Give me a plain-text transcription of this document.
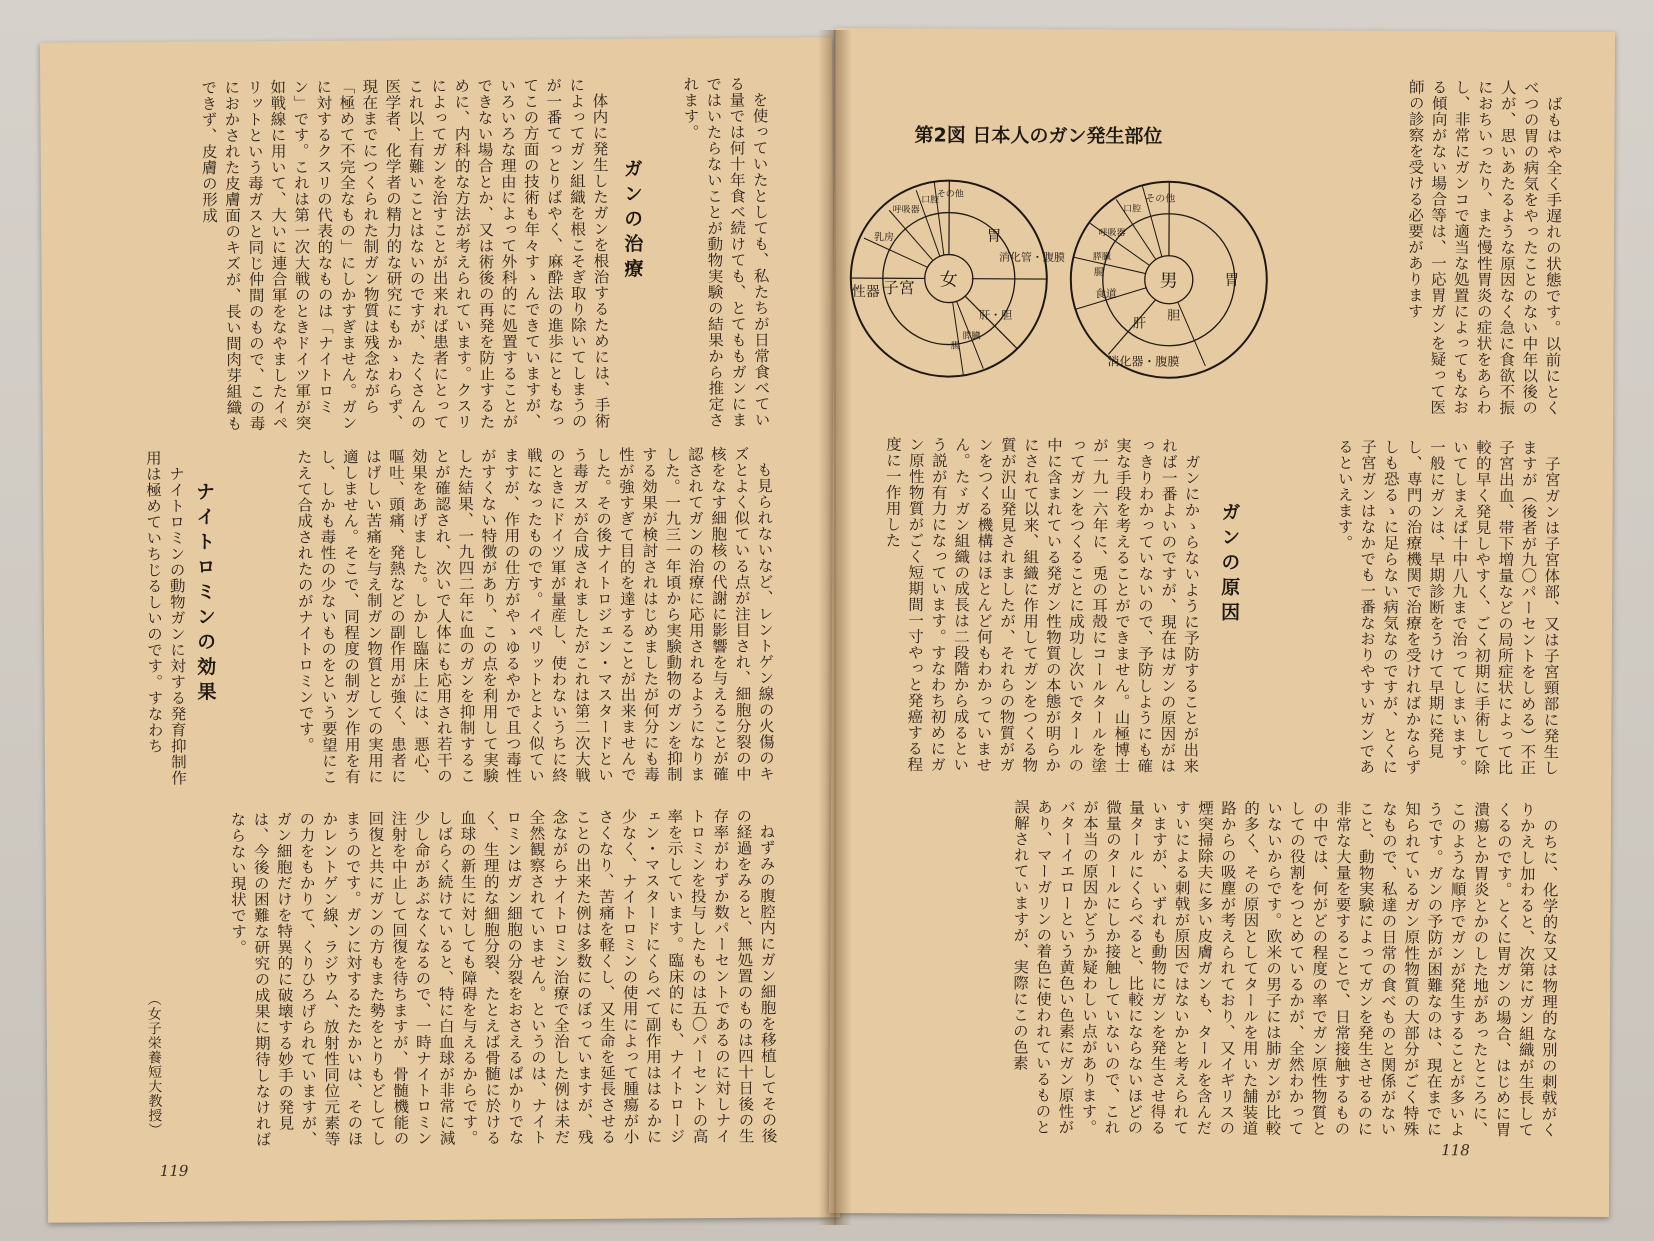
を使っていたとしても、私たちが日常食べている量では何十年食べ続けても、とてももガンにまではいたらないことが動物実験の結果から推定されます。

ガンの治療

体内に発生したガンを根治するためには、手術によってガン組織を根こそぎ取り除いてしまうのが一番てっとりばやく、麻酔法の進歩にともなってこの方面の技術も年々すゝんできていますが、いろいろな理由によって外科的に処置することができない場合とか、又は術後の再発を防止するために、内科的な方法が考えられています。クスリによってガンを治すことが出来れば患者にとってこれ以上有難いことはないのですが、たくさんの医学者、化学者の精力的な研究にもかゝわらず、現在までにつくられた制ガン物質は残念ながら「極めて不完全なもの」にしかすぎません。ガンに対するクスリの代表的なものは「ナイトロミン」です。これは第一次大戦のときドイツ軍が突如戦線に用いて、大いに連合軍をなやましたイペリットという毒ガスと同じ仲間のもので、この毒におかされた皮膚面のキズが、長い間肉芽組織もできず、皮膚の形成

も見られないなど、レントゲン線の火傷のキズとよく似ている点が注目され、細胞分裂の中核をなす細胞核の代謝に影響を与えることが確認されてガンの治療に応用されるようになりました。一九三一年頃から実験動物のガンを抑制する効果が検討されはじめましたが何分にも毒性が強すぎて目的を達することが出来ませんでした。その後ナイトロジェン・マスタードという毒ガスが合成されましたがこれは第二次大戦のときにドイツ軍が量産し、使わないうちに終戦になったものです。イペリットとよく似ていますが、作用の仕方がやゝゆるやかで且つ毒性がすくない特徴があり、この点を利用して実験した結果、一九四二年に血のガンを抑制することが確認され、次いで人体にも応用され若干の効果をあげました。しかし臨床上には、悪心、嘔吐、頭痛、発熱などの副作用が強く、患者にはげしい苦痛を与え制ガン物質としての実用に適しません。そこで、同程度の制ガン作用を有し、しかも毒性の少ないものをという要望にこたえて合成されたのがナイトロミンです。

ナイトロミンの効果

ナイトロミンの動物ガンに対する発育抑制作用は極めていちじるしいのです。すなわち

ねずみの腹腔内にガン細胞を移植してその後の経過をみると、無処置のものは四十日後の生存率がわずか数パーセントであるのに対しナイトロミンを投与したものは五〇パーセントの高率を示しています。臨床的にも、ナイトロージェン・マスタードにくらべて副作用ははるかに少なく、ナイトロミンの使用によって腫瘍が小さくなり、苦痛を軽くし、又生命を延長させることの出来た例は多数にのぼっていますが、残念ながらナイトロミン治療で全治した例は未だ全然観察されていません。というのは、ナイトロミンはガン細胞の分裂をおさえるばかりでなく、生理的な細胞分裂、たとえば骨髄に於ける血球の新生に対しても障碍を与えるからです。しばらく続けていると、特に白血球が非常に減少し命があぶなくなるので、一時ナイトロミン注射を中止して回復を待ちますが、骨髄機能の回復と共にガンの方もまた勢をとりもどしてしまうのです。ガンに対するたたかいは、そのほかレントゲン線、ラジウム、放射性同位元素等の力をもかりて、くりひろげられていますが、ガン細胞だけを特異的に破壊する妙手の発見は、今後の困難な研究の成果に期待しなければならない現状です。

（女子栄養短大教授）
119

ばもはや全く手遅れの状態です。以前にとくべつの胃の病気をやったことのない中年以後の人が、思いあたるような原因なく急に食欲不振におちいったり、また慢性胃炎の症状をあらわし、非常にガンコで適当な処置によってもなおる傾向がない場合等は、一応胃ガンを疑って医師の診察を受ける必要があります

第2図 日本人のガン発生部位
女
子宮
性器
胃
消化管・腹膜
肝・胆
乳房
呼吸器
口腔
その他
膵臓
腸
男	胃
消化器・腹膜
肝
胆
食道
腸
膵臓
呼吸器
口腔
その他

子宮ガンは子宮体部、又は子宮頸部に発生しますが（後者が九〇パーセントをしめる）不正子宮出血、帯下増量などの局所症状によって比較的早く発見しやすく、ごく初期に手術して除いてしまえば十中八九まで治ってしまいます。一般にガンは、早期診断をうけて早期に発見し、専門の治療機関で治療を受ければかならずしも恐るゝに足らない病気なのですが、とくに子宮ガンはなかでも一番なおりやすいガンであるといえます。

ガンの原因

ガンにかゝらないように予防することが出来れば一番よいのですが、現在はガンの原因がはっきりわかっていないので、予防しようにも確実な手段を考えることができません。山極博士が一九一六年に、兎の耳殻にコールタールを塗ってガンをつくることに成功し次いでタールの中に含まれている発ガン性物質の本態が明らかにされて以来、組織に作用してガンをつくる物質が沢山発見されましたが、それらの物質がガンをつくる機構はほとんど何もわかっていません。たゞガン組織の成長は二段階から成るという説が有力になっています。すなわち初めにガン原性物質がごく短期間一寸やっと発癌する程度に一作用した

のちに、化学的な又は物理的な別の刺戟がくりかえし加わると、次第にガン組織が生長してくるのです。とくに胃ガンの場合、はじめに胃潰瘍とか胃炎とかのした地があったところに、このような順序でガンが発生することが多いようです。ガンの予防が困難なのは、現在までに知られているガン原性物質の大部分がごく特殊なもので、私達の日常の食べものと関係がないこと、動物実験によってガンを発生させるのに非常な大量を要することで、日常接触するものの中では、何がどの程度の率でガン原性物質としての役割をつとめているかが、全然わかっていないからです。欧米の男子には肺ガンが比較的多く、その原因としてタールを用いた舗装道路からの吸塵が考えられており、又イギリスの煙突掃除夫に多い皮膚ガンも、タールを含んだすいによる刺戟が原因ではないかと考えられていますが、いずれも動物にガンを発生させ得る量タールにくらべると、比較にならないほどの微量のタールにしか接触していないので、これが本当の原因かどうか疑わしい点があります。バターイエローという黄色い色素にガン原性があり、マーガリンの着色に使われているものと誤解されていますが、実際にこの色素

118
